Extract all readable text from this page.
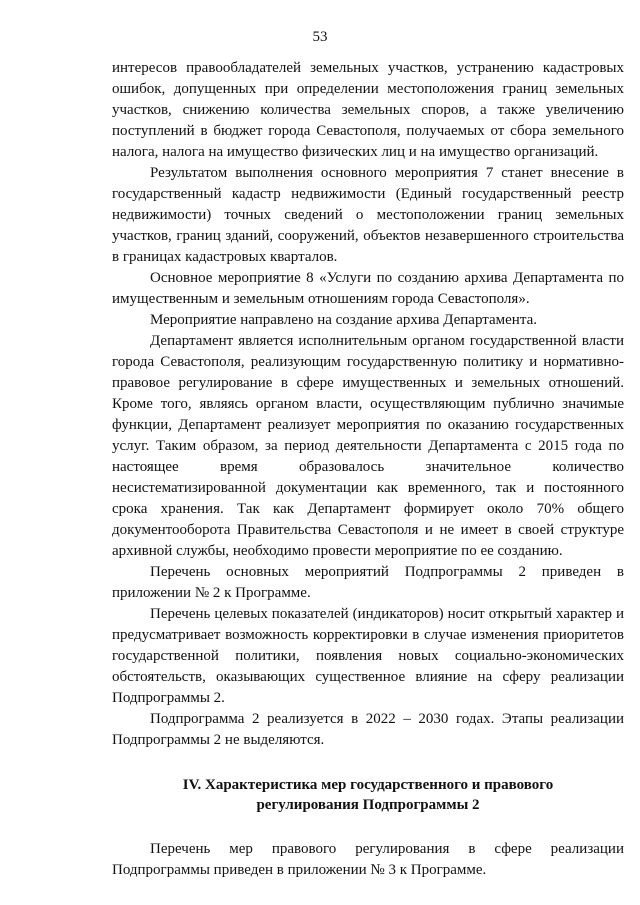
53

интересов правообладателей земельных участков, устранению кадастровых ошибок, допущенных при определении местоположения границ земельных участков, снижению количества земельных споров, а также увеличению поступлений в бюджет города Севастополя, получаемых от сбора земельного налога, налога на имущество физических лиц и на имущество организаций.

Результатом выполнения основного мероприятия 7 станет внесение в государственный кадастр недвижимости (Единый государственный реестр недвижимости) точных сведений о местоположении границ земельных участков, границ зданий, сооружений, объектов незавершенного строительства в границах кадастровых кварталов.

Основное мероприятие 8 «Услуги по созданию архива Департамента по имущественным и земельным отношениям города Севастополя».

Мероприятие направлено на создание архива Департамента.

Департамент является исполнительным органом государственной власти города Севастополя, реализующим государственную политику и нормативно-правовое регулирование в сфере имущественных и земельных отношений. Кроме того, являясь органом власти, осуществляющим публично значимые функции, Департамент реализует мероприятия по оказанию государственных услуг. Таким образом, за период деятельности Департамента с 2015 года по настоящее время образовалось значительное количество несистематизированной документации как временного, так и постоянного срока хранения. Так как Департамент формирует около 70% общего документооборота Правительства Севастополя и не имеет в своей структуре архивной службы, необходимо провести мероприятие по ее созданию.

Перечень основных мероприятий Подпрограммы 2 приведен в приложении № 2 к Программе.

Перечень целевых показателей (индикаторов) носит открытый характер и предусматривает возможность корректировки в случае изменения приоритетов государственной политики, появления новых социально-экономических обстоятельств, оказывающих существенное влияние на сферу реализации Подпрограммы 2.

Подпрограмма 2 реализуется в 2022 – 2030 годах. Этапы реализации Подпрограммы 2 не выделяются.

IV. Характеристика мер государственного и правового
регулирования Подпрограммы 2

Перечень мер правового регулирования в сфере реализации Подпрограммы приведен в приложении № 3 к Программе.
